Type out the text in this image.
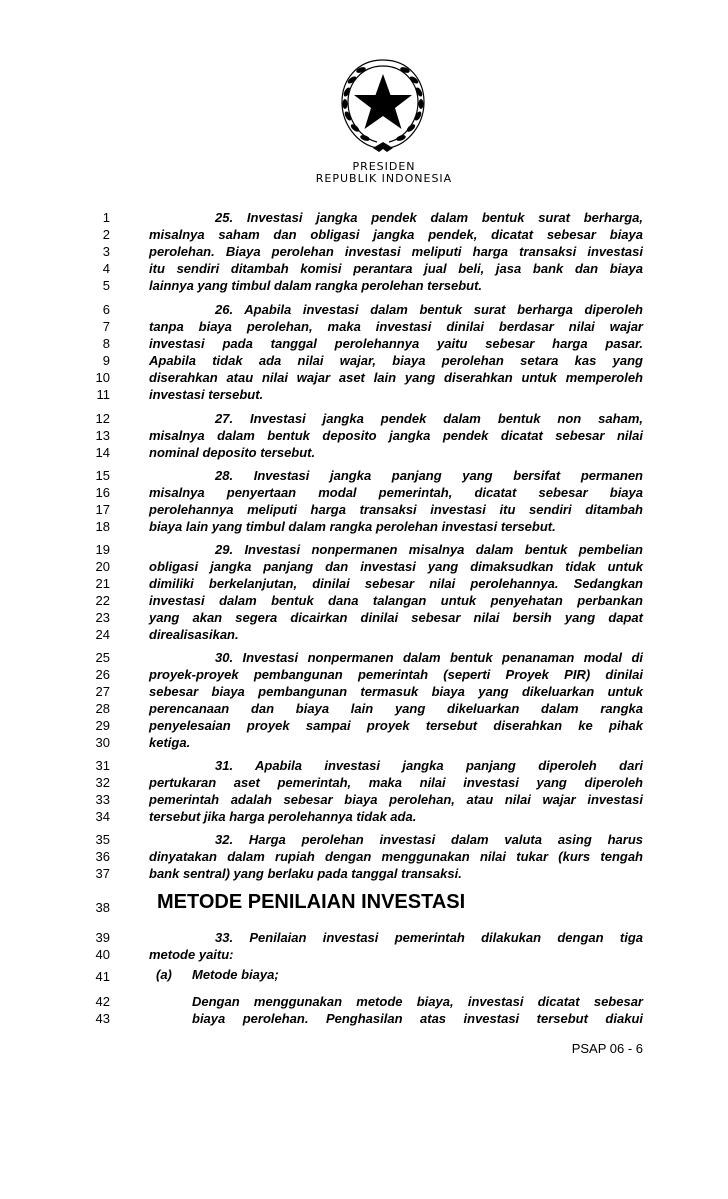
PRESIDEN
REPUBLIK INDONESIA
1	25. Investasi jangka pendek dalam bentuk surat berharga,
2	misalnya saham dan obligasi jangka pendek, dicatat sebesar biaya
3	perolehan. Biaya perolehan investasi meliputi harga transaksi investasi
4	itu sendiri ditambah komisi perantara jual beli, jasa bank dan biaya
5	lainnya yang timbul dalam rangka perolehan tersebut.
6	26. Apabila investasi dalam bentuk surat berharga diperoleh
7	tanpa biaya perolehan, maka investasi dinilai berdasar nilai wajar
8	investasi pada tanggal perolehannya yaitu sebesar harga pasar.
9	Apabila tidak ada nilai wajar, biaya perolehan setara kas yang
10	diserahkan atau nilai wajar aset lain yang diserahkan untuk memperoleh
11	investasi tersebut.
12	27. Investasi jangka pendek dalam bentuk non saham,
13	misalnya dalam bentuk deposito jangka pendek dicatat sebesar nilai
14	nominal deposito tersebut.
15	28. Investasi jangka panjang yang bersifat permanen
16	misalnya penyertaan modal pemerintah, dicatat sebesar biaya
17	perolehannya meliputi harga transaksi investasi itu sendiri ditambah
18	biaya lain yang timbul dalam rangka perolehan investasi tersebut.
19	29. Investasi nonpermanen misalnya dalam bentuk pembelian
20	obligasi jangka panjang dan investasi yang dimaksudkan tidak untuk
21	dimiliki berkelanjutan, dinilai sebesar nilai perolehannya. Sedangkan
22	investasi dalam bentuk dana talangan untuk penyehatan perbankan
23	yang akan segera dicairkan dinilai sebesar nilai bersih yang dapat
24	direalisasikan.
25	30. Investasi nonpermanen dalam bentuk penanaman modal di
26	proyek-proyek pembangunan pemerintah (seperti Proyek PIR) dinilai
27	sebesar biaya pembangunan termasuk biaya yang dikeluarkan untuk
28	perencanaan dan biaya lain yang dikeluarkan dalam rangka
29	penyelesaian proyek sampai proyek tersebut diserahkan ke pihak
30	ketiga.
31	31. Apabila investasi jangka panjang diperoleh dari
32	pertukaran aset pemerintah, maka nilai investasi yang diperoleh
33	pemerintah adalah sebesar biaya perolehan, atau nilai wajar investasi
34	tersebut jika harga perolehannya tidak ada.
35	32. Harga perolehan investasi dalam valuta asing harus
36	dinyatakan dalam rupiah dengan menggunakan nilai tukar (kurs tengah
37	bank sentral) yang berlaku pada tanggal transaksi.
38
39	33. Penilaian investasi pemerintah dilakukan dengan tiga
40	metode yaitu:
41
42	Dengan menggunakan metode biaya, investasi dicatat sebesar
43	biaya perolehan. Penghasilan atas investasi tersebut diakui
METODE PENILAIAN INVESTASI
(a) Metode biaya;
PSAP 06 - 6
